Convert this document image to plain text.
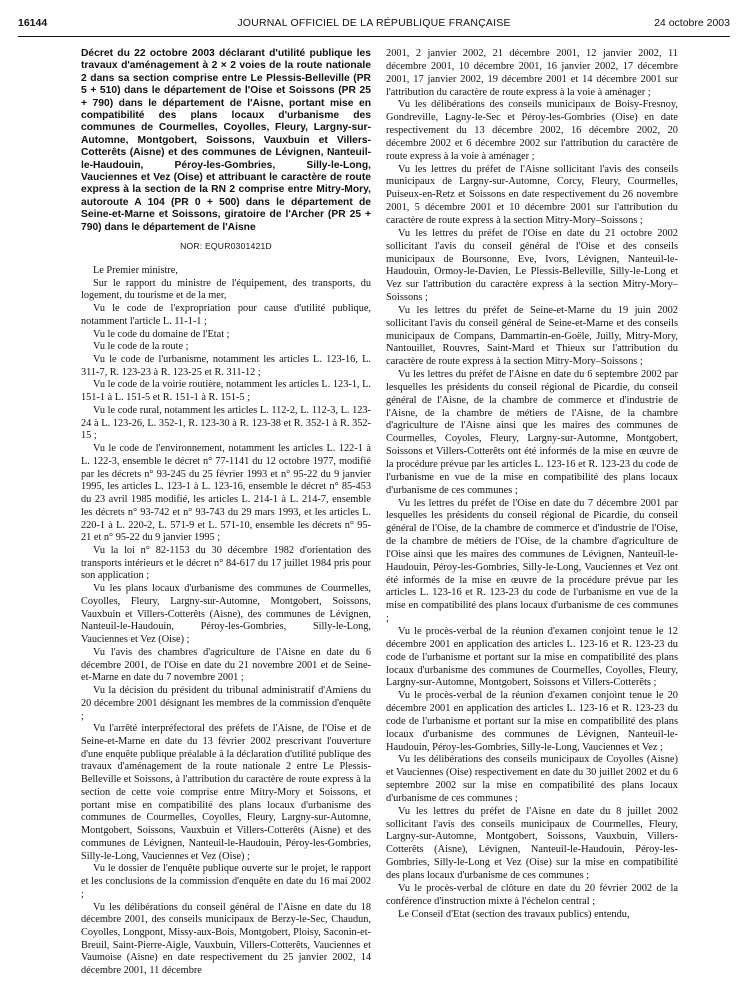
16144	JOURNAL OFFICIEL DE LA RÉPUBLIQUE FRANÇAISE	24 octobre 2003
Décret du 22 octobre 2003 déclarant d'utilité publique les travaux d'aménagement à 2 × 2 voies de la route nationale 2 dans sa section comprise entre Le Plessis-Belleville (PR 5 + 510) dans le département de l'Oise et Soissons (PR 25 + 790) dans le département de l'Aisne, portant mise en compatibilité des plans locaux d'urbanisme des communes de Courmelles, Coyolles, Fleury, Largny-sur-Automne, Montgobert, Soissons, Vauxbuin et Villers-Cotterêts (Aisne) et des communes de Lévignen, Nanteuil-le-Haudouin, Péroy-les-Gombries, Silly-le-Long, Vauciennes et Vez (Oise) et attribuant le caractère de route express à la section de la RN 2 comprise entre Mitry-Mory, autoroute A 104 (PR 0 + 500) dans le département de Seine-et-Marne et Soissons, giratoire de l'Archer (PR 25 + 790) dans le département de l'Aisne
NOR: EQUR0301421D

Le Premier ministre,

Sur le rapport du ministre de l'équipement, des transports, du logement, du tourisme et de la mer,

Vu le code de l'expropriation pour cause d'utilité publique, notamment l'article L. 11-1-1 ;

Vu le code du domaine de l'Etat ;

Vu le code de la route ;

Vu le code de l'urbanisme, notamment les articles L. 123-16, L. 311-7, R. 123-23 à R. 123-25 et R. 311-12 ;

Vu le code de la voirie routière, notamment les articles L. 123-1, L. 151-1 à L. 151-5 et R. 151-1 à R. 151-5 ;

Vu le code rural, notamment les articles L. 112-2, L. 112-3, L. 123-24 à L. 123-26, L. 352-1, R. 123-30 à R. 123-38 et R. 352-1 à R. 352-15 ;

Vu le code de l'environnement, notamment les articles L. 122-1 à L. 122-3, ensemble le décret n° 77-1141 du 12 octobre 1977, modifié par les décrets n° 93-245 du 25 février 1993 et n° 95-22 du 9 janvier 1995, les articles L. 123-1 à L. 123-16, ensemble le décret n° 85-453 du 23 avril 1985 modifié, les articles L. 214-1 à L. 214-7, ensemble les décrets n° 93-742 et n° 93-743 du 29 mars 1993, et les articles L. 220-1 à L. 220-2, L. 571-9 et L. 571-10, ensemble les décrets n° 95-21 et n° 95-22 du 9 janvier 1995 ;

Vu la loi n° 82-1153 du 30 décembre 1982 d'orientation des transports intérieurs et le décret n° 84-617 du 17 juillet 1984 pris pour son application ;

Vu les plans locaux d'urbanisme des communes de Courmelles, Coyolles, Fleury, Largny-sur-Automne, Montgobert, Soissons, Vauxbuin et Villers-Cotterêts (Aisne), des communes de Lévignen, Nanteuil-le-Haudouin, Péroy-les-Gombries, Silly-le-Long, Vauciennes et Vez (Oise) ;

Vu l'avis des chambres d'agriculture de l'Aisne en date du 6 décembre 2001, de l'Oise en date du 21 novembre 2001 et de Seine-et-Marne en date du 7 novembre 2001 ;

Vu la décision du président du tribunal administratif d'Amiens du 20 décembre 2001 désignant les membres de la commission d'enquête ;

Vu l'arrêté interpréfectoral des préfets de l'Aisne, de l'Oise et de Seine-et-Marne en date du 13 février 2002 prescrivant l'ouverture d'une enquête publique préalable à la déclaration d'utilité publique des travaux d'aménagement de la route nationale 2 entre Le Plessis-Belleville et Soissons, à l'attribution du caractère de route express à la section de cette voie comprise entre Mitry-Mory et Soissons, et portant mise en compatibilité des plans locaux d'urbanisme des communes de Courmelles, Coyolles, Fleury, Largny-sur-Automne, Montgobert, Soissons, Vauxbuin et Villers-Cotterêts (Aisne) et des communes de Lévignen, Nanteuil-le-Haudouin, Péroy-les-Gombries, Silly-le-Long, Vauciennes et Vez (Oise) ;

Vu le dossier de l'enquête publique ouverte sur le projet, le rapport et les conclusions de la commission d'enquête en date du 16 mai 2002 ;

Vu les délibérations du conseil général de l'Aisne en date du 18 décembre 2001, des conseils municipaux de Berzy-le-Sec, Chaudun, Coyolles, Longpont, Missy-aux-Bois, Montgobert, Ploisy, Saconin-et-Breuil, Saint-Pierre-Aigle, Vauxbuin, Villers-Cotterêts, Vauciennes et Vaumoise (Aisne) en date respectivement du 25 janvier 2002, 14 décembre 2001, 11 décembre

2001, 2 janvier 2002, 21 décembre 2001, 12 janvier 2002, 11 décembre 2001, 10 décembre 2001, 16 janvier 2002, 17 décembre 2001, 17 janvier 2002, 19 décembre 2001 et 14 décembre 2001 sur l'attribution du caractère de route express à la voie à aménager ;

Vu les délibérations des conseils municipaux de Boisy-Fresnoy, Gondreville, Lagny-le-Sec et Péroy-les-Gombries (Oise) en date respectivement du 13 décembre 2002, 16 décembre 2002, 20 décembre 2002 et 6 décembre 2002 sur l'attribution du caractère de route express à la voie à aménager ;

Vu les lettres du préfet de l'Aisne sollicitant l'avis des conseils municipaux de Largny-sur-Automne, Corcy, Fleury, Courmelles, Puiseux-en-Retz et Soissons en date respectivement du 26 novembre 2001, 5 décembre 2001 et 10 décembre 2001 sur l'attribution du caractère de route express à la section Mitry-Mory–Soissons ;

Vu les lettres du préfet de l'Oise en date du 21 octobre 2002 sollicitant l'avis du conseil général de l'Oise et des conseils municipaux de Boursonne, Eve, Ivors, Lévignen, Nanteuil-le-Haudouin, Ormoy-le-Davien, Le Plessis-Belleville, Silly-le-Long et Vez sur l'attribution du caractère express à la section Mitry-Mory–Soissons ;

Vu les lettres du préfet de Seine-et-Marne du 19 juin 2002 sollicitant l'avis du conseil général de Seine-et-Marne et des conseils municipaux de Compans, Dammartin-en-Goële, Juilly, Mitry-Mory, Nantouillet, Rouvres, Saint-Mard et Thieux sur l'attribution du caractère de route express à la section Mitry-Mory–Soissons ;

Vu les lettres du préfet de l'Aisne en date du 6 septembre 2002 par lesquelles les présidents du conseil régional de Picardie, du conseil général de l'Aisne, de la chambre de commerce et d'industrie de l'Aisne, de la chambre de métiers de l'Aisne, de la chambre d'agriculture de l'Aisne ainsi que les maires des communes de Courmelles, Coyoles, Fleury, Largny-sur-Automne, Montgobert, Soissons et Villers-Cotterêts ont été informés de la mise en œuvre de la procédure prévue par les articles L. 123-16 et R. 123-23 du code de l'urbanisme en vue de la mise en compatibilité des plans locaux d'urbanisme de ces communes ;

Vu les lettres du préfet de l'Oise en date du 7 décembre 2001 par lesquelles les présidents du conseil régional de Picardie, du conseil général de l'Oise, de la chambre de commerce et d'industrie de l'Oise, de la chambre de métiers de l'Oise, de la chambre d'agriculture de l'Oise ainsi que les maires des communes de Lévignen, Nanteuil-le-Haudouin, Péroy-les-Gombries, Silly-le-Long, Vauciennes et Vez ont été informés de la mise en œuvre de la procédure prévue par les articles L. 123-16 et R. 123-23 du code de l'urbanisme en vue de la mise en compatibilité des plans locaux d'urbanisme de ces communes ;

Vu le procès-verbal de la réunion d'examen conjoint tenue le 12 décembre 2001 en application des articles L. 123-16 et R. 123-23 du code de l'urbanisme et portant sur la mise en compatibilité des plans locaux d'urbanisme des communes de Courmelles, Coyolles, Fleury, Largny-sur-Automne, Montgobert, Soissons et Villers-Cotterêts ;

Vu le procès-verbal de la réunion d'examen conjoint tenue le 20 décembre 2001 en application des articles L. 123-16 et R. 123-23 du code de l'urbanisme et portant sur la mise en compatibilité des plans locaux d'urbanisme des communes de Lévignen, Nanteuil-le-Haudouin, Péroy-les-Gombries, Silly-le-Long, Vauciennes et Vez ;

Vu les délibérations des conseils municipaux de Coyolles (Aisne) et Vauciennes (Oise) respectivement en date du 30 juillet 2002 et du 6 septembre 2002 sur la mise en compatibilité des plans locaux d'urbanisme de ces communes ;

Vu les lettres du préfet de l'Aisne en date du 8 juillet 2002 sollicitant l'avis des conseils municipaux de Courmelles, Fleury, Largny-sur-Automne, Montgobert, Soissons, Vauxbuin, Villers-Cotterêts (Aisne), Lévignen, Nanteuil-le-Haudouin, Péroy-les-Gombries, Silly-le-Long et Vez (Oise) sur la mise en compatibilité des plans locaux d'urbanisme de ces communes ;

Vu le procès-verbal de clôture en date du 20 février 2002 de la conférence d'instruction mixte à l'échelon central ;

Le Conseil d'Etat (section des travaux publics) entendu,
